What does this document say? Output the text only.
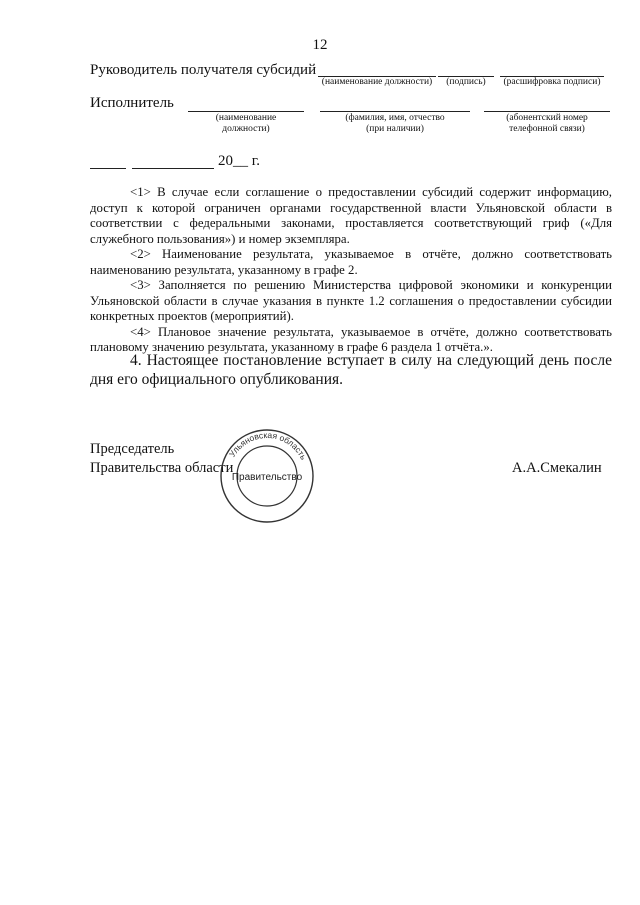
12
Руководитель получателя субсидий
(наименование должности)	(подпись)	(расшифровка подписи)
Исполнитель
(наименование
должности)
(фамилия, имя, отчество
(при наличии)
(абонентский номер
телефонной связи)
20__ г.

<1> В случае если соглашение о предоставлении субсидий содержит информацию, доступ к которой ограничен органами государственной власти Ульяновской области в соответствии с федеральными законами, проставляется соответствующий гриф («Для служебного пользования») и номер экземпляра.

<2> Наименование результата, указываемое в отчёте, должно соответствовать наименованию результата, указанному в графе 2.

<3> Заполняется по решению Министерства цифровой экономики и конкуренции Ульяновской области в случае указания в пункте 1.2 соглашения о предоставлении субсидии конкретных проектов (мероприятий).

<4> Плановое значение результата, указываемое в отчёте, должно соответствовать плановому значению результата, указанному в графе 6 раздела 1 отчёта.».

4. Настоящее постановление вступает в силу на следующий день после дня его официального опубликования.
Председатель
Правительства области	А.А.Смекалин
Ульяновская область
Правительство
